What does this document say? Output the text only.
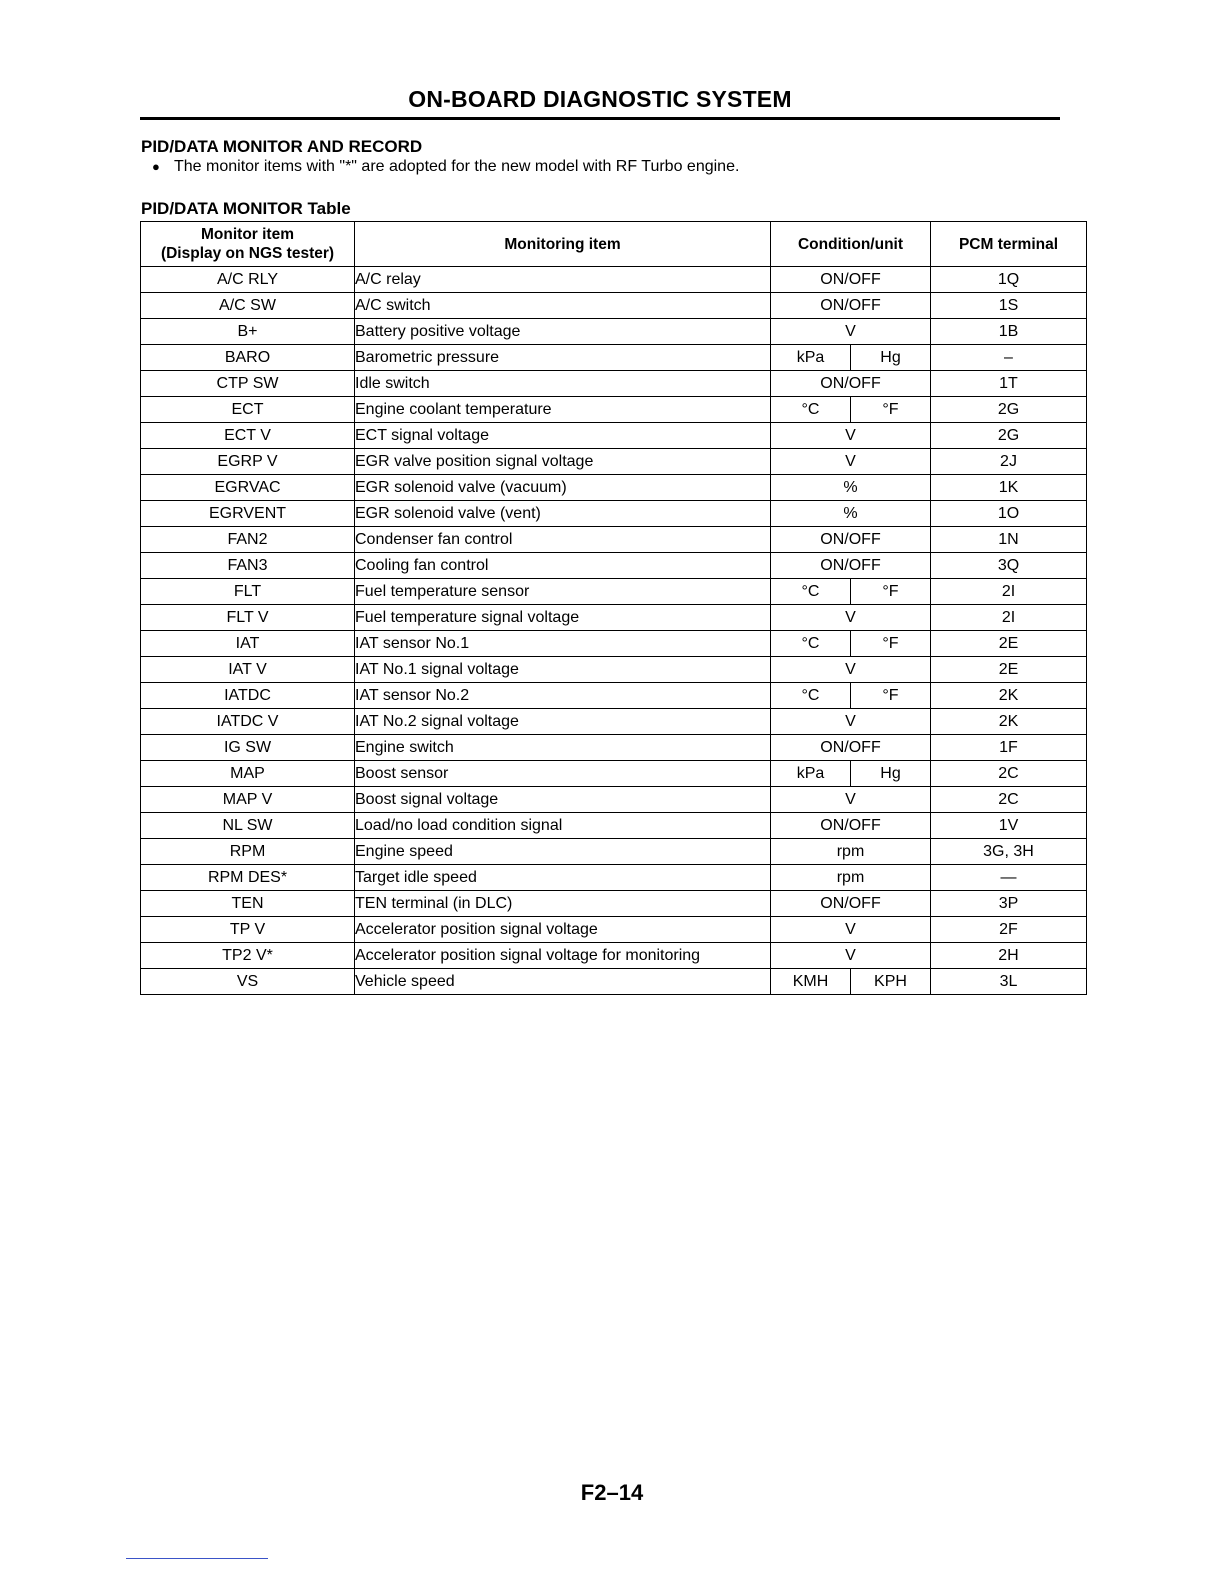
ON-BOARD DIAGNOSTIC SYSTEM
PID/DATA MONITOR AND RECORD
● The monitor items with "*" are adopted for the new model with RF Turbo engine.
PID/DATA MONITOR Table
Monitor item
(Display on NGS tester)	Monitoring item	Condition/unit	PCM terminal
A/C RLY	A/C relay	ON/OFF	1Q
A/C SW	A/C switch	ON/OFF	1S
B+	Battery positive voltage	V	1B
BARO	Barometric pressure	kPa Hg	–
CTP SW	Idle switch	ON/OFF	1T
ECT	Engine coolant temperature	°C °F	2G
ECT V	ECT signal voltage	V	2G
EGRP V	EGR valve position signal voltage	V	2J
EGRVAC	EGR solenoid valve (vacuum)	%	1K
EGRVENT	EGR solenoid valve (vent)	%	1O
FAN2	Condenser fan control	ON/OFF	1N
FAN3	Cooling fan control	ON/OFF	3Q
FLT	Fuel temperature sensor	°C °F	2I
FLT V	Fuel temperature signal voltage	V	2I
IAT	IAT sensor No.1	°C °F	2E
IAT V	IAT No.1 signal voltage	V	2E
IATDC	IAT sensor No.2	°C °F	2K
IATDC V	IAT No.2 signal voltage	V	2K
IG SW	Engine switch	ON/OFF	1F
MAP	Boost sensor	kPa Hg	2C
MAP V	Boost signal voltage	V	2C
NL SW	Load/no load condition signal	ON/OFF	1V
RPM	Engine speed	rpm	3G, 3H
RPM DES*	Target idle speed	rpm	—
TEN	TEN terminal (in DLC)	ON/OFF	3P
TP V	Accelerator position signal voltage	V	2F
TP2 V*	Accelerator position signal voltage for monitoring	V	2H
VS	Vehicle speed	KMH KPH	3L
F2–14
